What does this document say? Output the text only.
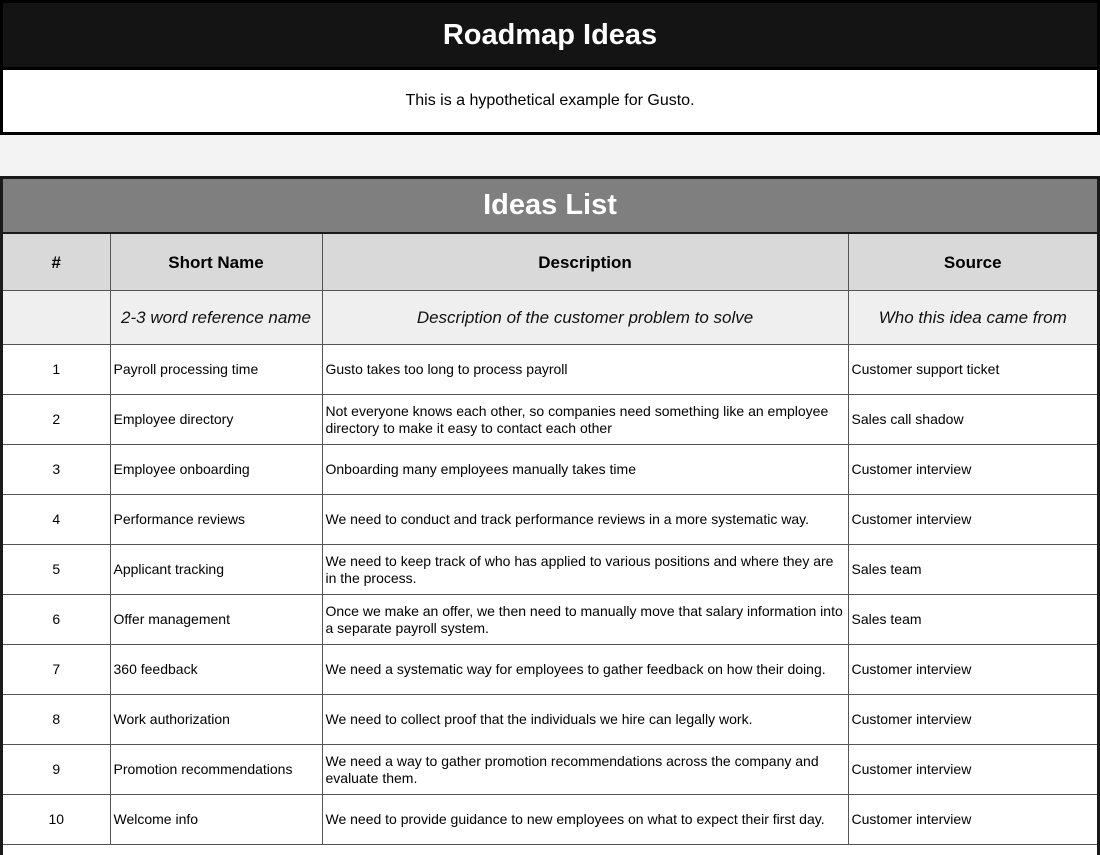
Roadmap Ideas
This is a hypothetical example for Gusto.
Ideas List
#	Short Name	Description	Source
	2-3 word reference name	Description of the customer problem to solve	Who this idea came from
1	Payroll processing time	Gusto takes too long to process payroll	Customer support ticket
2	Employee directory	Not everyone knows each other, so companies need something like an employee directory to make it easy to contact each other	Sales call shadow
3	Employee onboarding	Onboarding many employees manually takes time	Customer interview
4	Performance reviews	We need to conduct and track performance reviews in a more systematic way.	Customer interview
5	Applicant tracking	We need to keep track of who has applied to various positions and where they are in the process.	Sales team
6	Offer management	Once we make an offer, we then need to manually move that salary information into a separate payroll system.	Sales team
7	360 feedback	We need a systematic way for employees to gather feedback on how their doing.	Customer interview
8	Work authorization	We need to collect proof that the individuals we hire can legally work.	Customer interview
9	Promotion recommendations	We need a way to gather promotion recommendations across the company and evaluate them.	Customer interview
10	Welcome info	We need to provide guidance to new employees on what to expect their first day.	Customer interview
